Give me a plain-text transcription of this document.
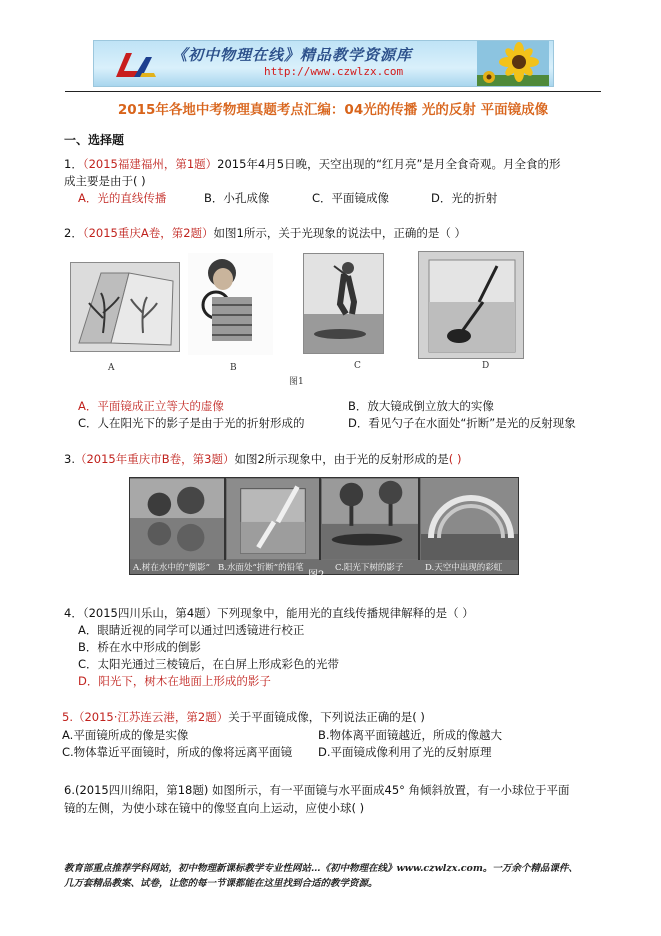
《初中物理在线》精品教学资源库
http://www.czwlzx.com
2015年各地中考物理真题考点汇编：04光的传播 光的反射 平面镜成像
一、选择题
1．（2015福建福州，第1题）2015年4月5日晚，天空出现的“红月亮”是月全食奇观。月全食的形
成主要是由于( )
A．光的直线传播	B．小孔成像	C．平面镜成像	D．光的折射
2．（2015重庆A卷，第2题）如图1所示，关于光现象的说法中，正确的是（ ）
A	B	C	D
图1
A．平面镜成正立等大的虚像	B．放大镜成倒立放大的实像
C．人在阳光下的影子是由于光的折射形成的	D．看见勺子在水面处“折断”是光的反射现象
3.（2015年重庆市B卷，第3题）如图2所示现象中，由于光的反射形成的是( )
A.树在水中的“倒影” B.水面处“折断”的铅笔	C.阳光下树的影子	D.天空中出现的彩虹
图2
4．（2015四川乐山，第4题）下列现象中，能用光的直线传播规律解释的是（ ）
A．眼睛近视的同学可以通过凹透镜进行校正
B．桥在水中形成的倒影
C．太阳光通过三棱镜后，在白屏上形成彩色的光带
D．阳光下，树木在地面上形成的影子
5.（2015·江苏连云港，第2题）关于平面镜成像，下列说法正确的是( )
A.平面镜所成的像是实像	B.物体离平面镜越近，所成的像越大
C.物体靠近平面镜时，所成的像将远离平面镜 D.平面镜成像利用了光的反射原理
6.(2015四川绵阳，第18题) 如图所示，有一平面镜与水平面成45° 角倾斜放置，有一小球位于平面
镜的左侧，为使小球在镜中的像竖直向上运动，应使小球( )
教育部重点推荐学科网站，初中物理新课标教学专业性网站…《初中物理在线》www.czwlzx.com。一万余个精品课件、
几万套精品教案、试卷，让您的每一节课都能在这里找到合适的教学资源。
